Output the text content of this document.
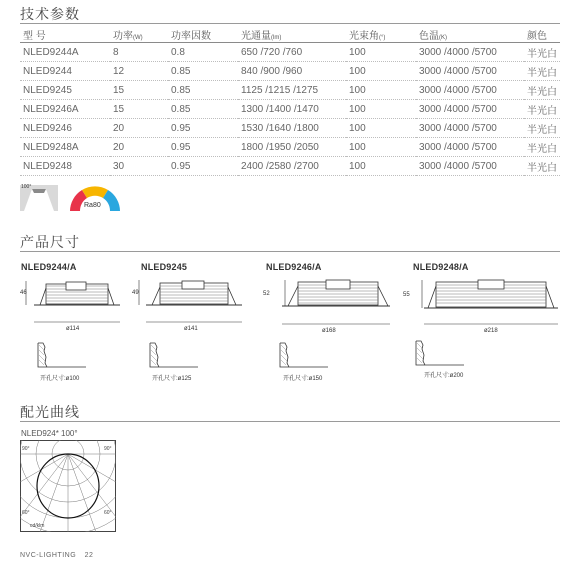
技术参数
型 号	功率(W)	功率因数	光通量(lm)	光束角(°)	色温(K)	颜色
NLED9244A	8	0.8	650 /720 /760	100	3000 /4000 /5700	半光白
NLED9244	12	0.85	840 /900 /960	100	3000 /4000 /5700	半光白
NLED9245	15	0.85	1125 /1215 /1275	100	3000 /4000 /5700	半光白
NLED9246A	15	0.85	1300 /1400 /1470	100	3000 /4000 /5700	半光白
NLED9246	20	0.95	1530 /1640 /1800	100	3000 /4000 /5700	半光白
NLED9248A	20	0.95	1800 /1950 /2050	100	3000 /4000 /5700	半光白
NLED9248	30	0.95	2400 /2580 /2700	100	3000 /4000 /5700	半光白
100°
Ra80
产品尺寸
NLED9244/A
46
ø114
开孔尺寸:ø100
NLED9245
49
ø141
开孔尺寸:ø125
NLED9246/A
52
ø168
开孔尺寸:ø150
NLED9248/A
55
ø218
开孔尺寸:ø200
配光曲线
NLED924* 100°
90°	90°
60°	60°
cd/klm
NVC-LIGHTING 22
